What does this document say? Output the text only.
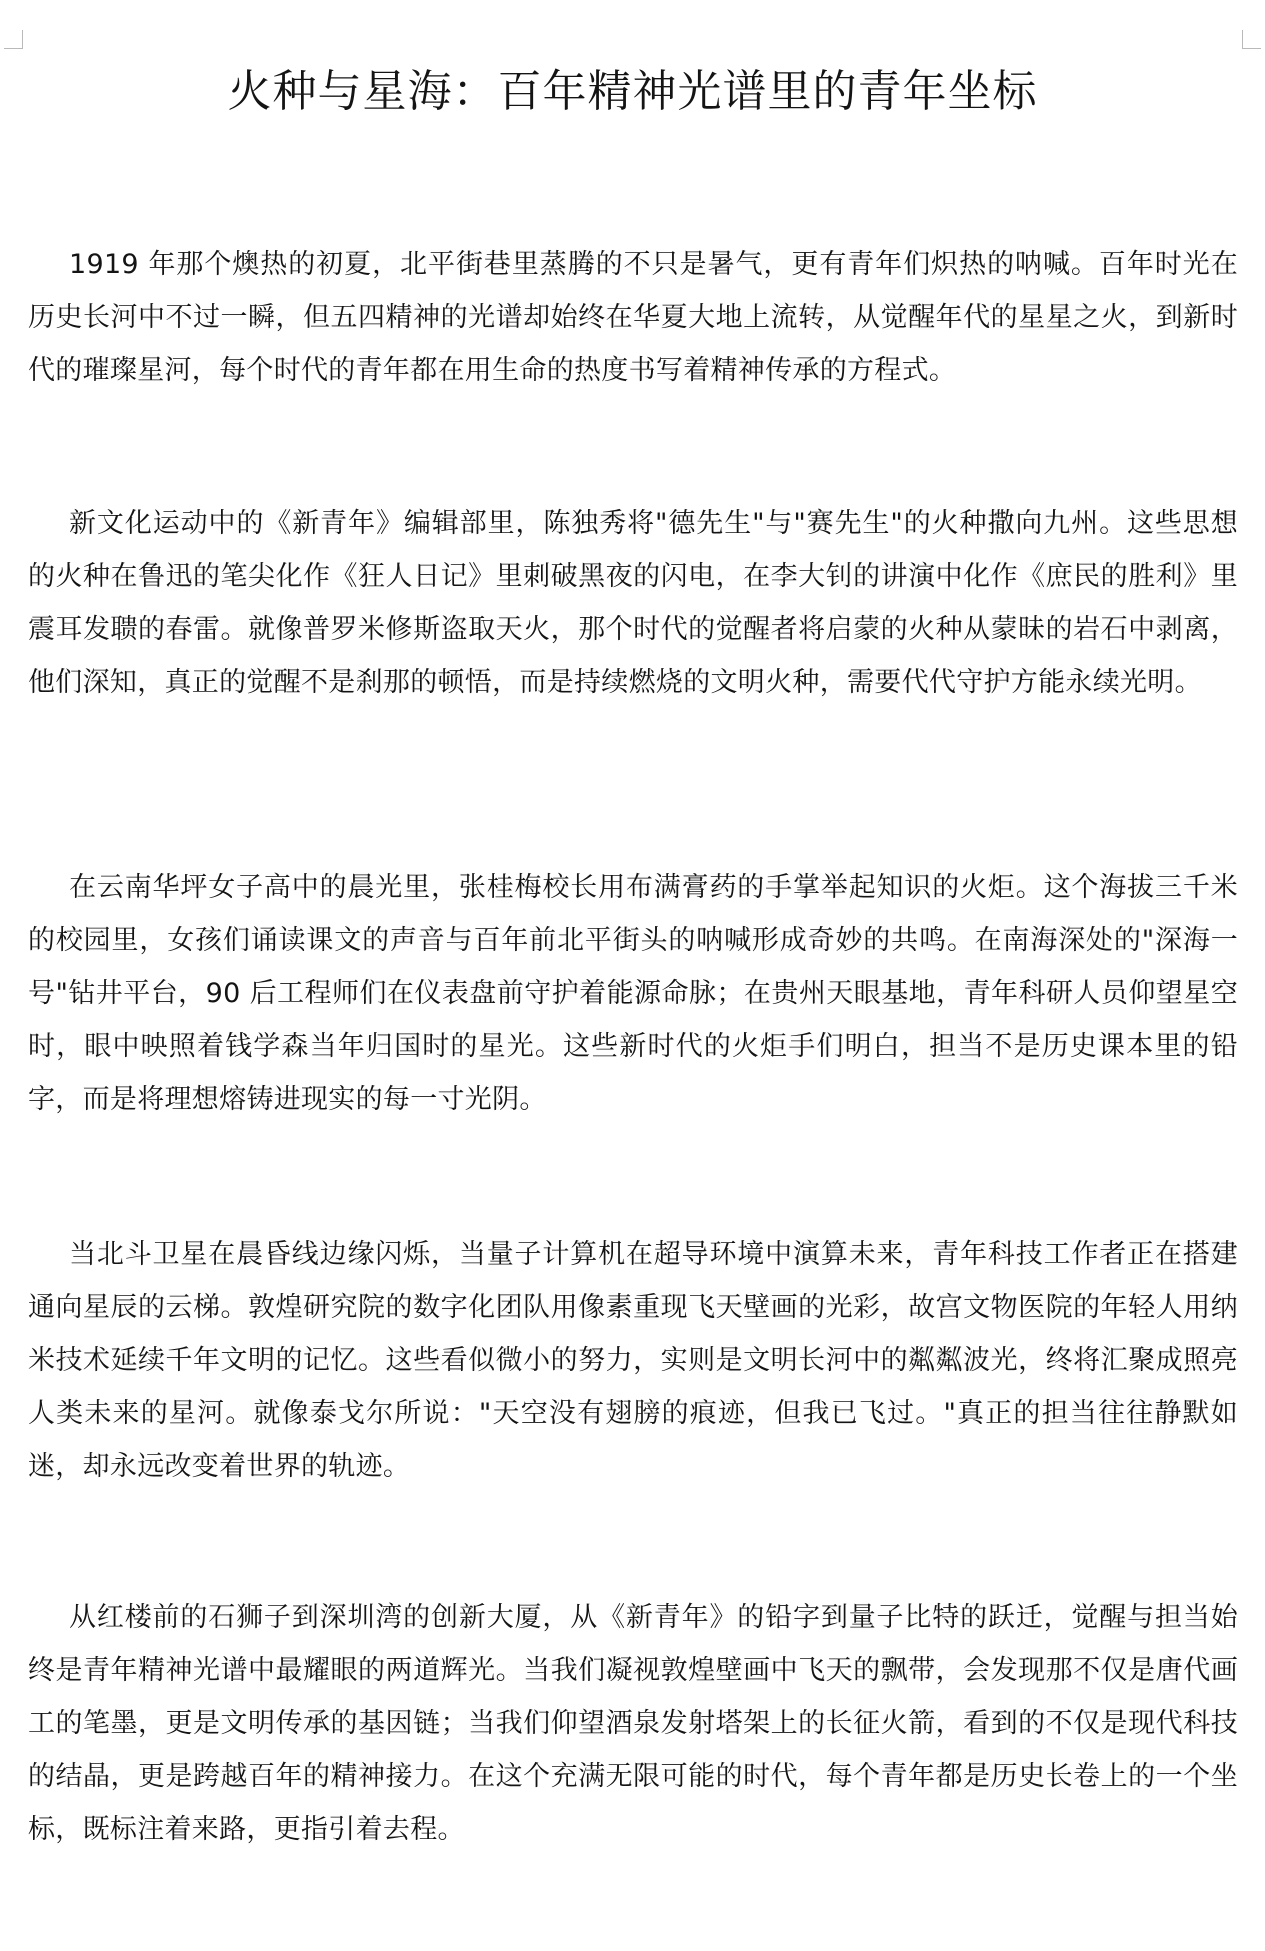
火种与星海：百年精神光谱里的青年坐标

1919 年那个燠热的初夏，北平街巷里蒸腾的不只是暑气，更有青年们炽热的呐喊。百年时光在历史长河中不过一瞬，但五四精神的光谱却始终在华夏大地上流转，从觉醒年代的星星之火，到新时代的璀璨星河，每个时代的青年都在用生命的热度书写着精神传承的方程式。

新文化运动中的《新青年》编辑部里，陈独秀将"德先生"与"赛先生"的火种撒向九州。这些思想的火种在鲁迅的笔尖化作《狂人日记》里刺破黑夜的闪电，在李大钊的讲演中化作《庶民的胜利》里震耳发聩的春雷。就像普罗米修斯盗取天火，那个时代的觉醒者将启蒙的火种从蒙昧的岩石中剥离，他们深知，真正的觉醒不是刹那的顿悟，而是持续燃烧的文明火种，需要代代守护方能永续光明。

在云南华坪女子高中的晨光里，张桂梅校长用布满膏药的手掌举起知识的火炬。这个海拔三千米的校园里，女孩们诵读课文的声音与百年前北平街头的呐喊形成奇妙的共鸣。在南海深处的"深海一号"钻井平台，90 后工程师们在仪表盘前守护着能源命脉；在贵州天眼基地，青年科研人员仰望星空时，眼中映照着钱学森当年归国时的星光。这些新时代的火炬手们明白，担当不是历史课本里的铅字，而是将理想熔铸进现实的每一寸光阴。

当北斗卫星在晨昏线边缘闪烁，当量子计算机在超导环境中演算未来，青年科技工作者正在搭建通向星辰的云梯。敦煌研究院的数字化团队用像素重现飞天壁画的光彩，故宫文物医院的年轻人用纳米技术延续千年文明的记忆。这些看似微小的努力，实则是文明长河中的粼粼波光，终将汇聚成照亮人类未来的星河。就像泰戈尔所说："天空没有翅膀的痕迹，但我已飞过。"真正的担当往往静默如迷，却永远改变着世界的轨迹。

从红楼前的石狮子到深圳湾的创新大厦，从《新青年》的铅字到量子比特的跃迁，觉醒与担当始终是青年精神光谱中最耀眼的两道辉光。当我们凝视敦煌壁画中飞天的飘带，会发现那不仅是唐代画工的笔墨，更是文明传承的基因链；当我们仰望酒泉发射塔架上的长征火箭，看到的不仅是现代科技的结晶，更是跨越百年的精神接力。在这个充满无限可能的时代，每个青年都是历史长卷上的一个坐标，既标注着来路，更指引着去程。
